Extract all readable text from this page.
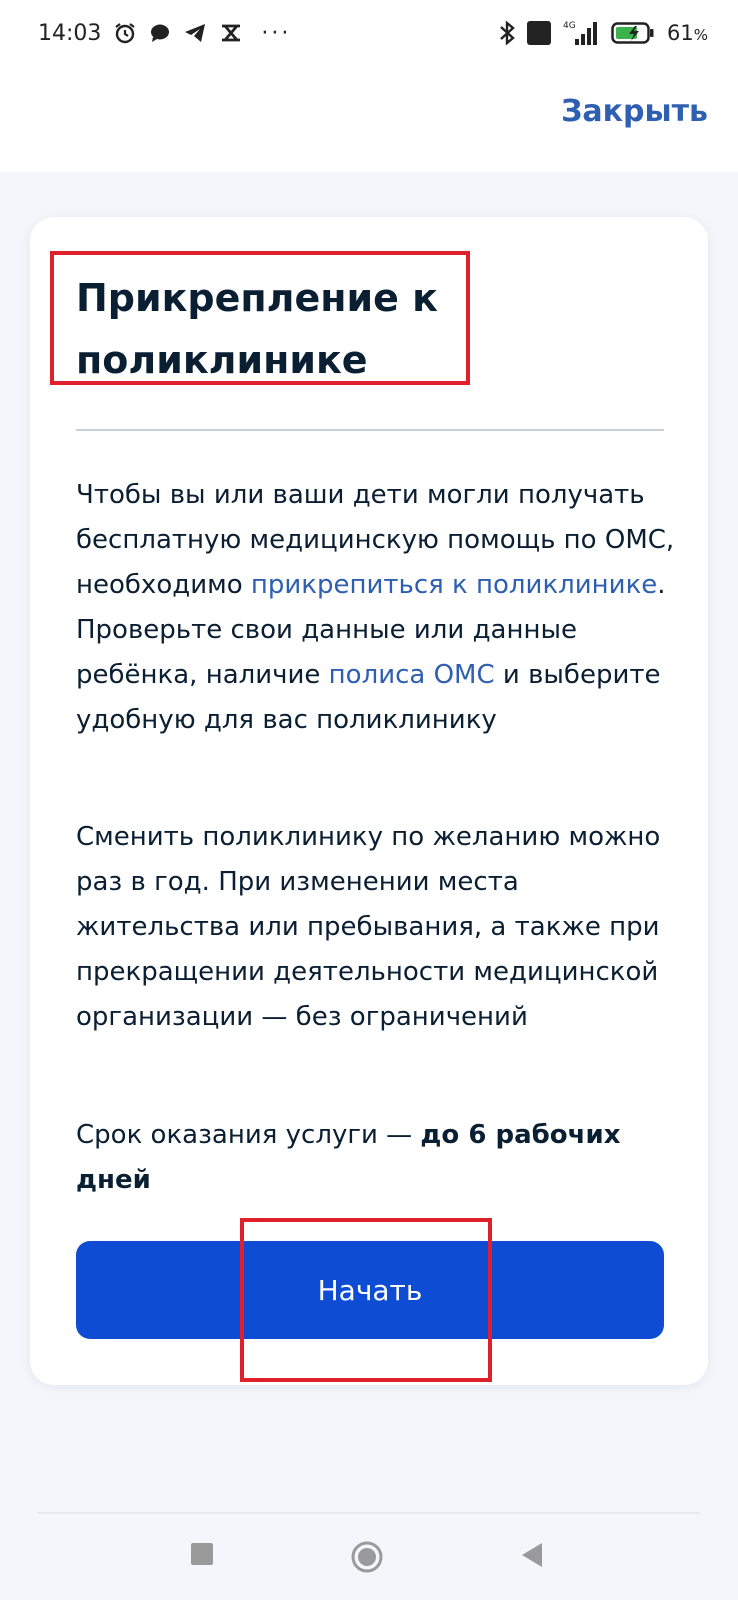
14:03	···	4G	61%
Закрыть
Прикрепление к поликлинике

Чтобы вы или ваши дети могли получать бесплатную медицинскую помощь по ОМС, необходимо прикрепиться к поликлинике. Проверьте свои данные или данные ребёнка, наличие полиса ОМС и выберите удобную для вас поликлинику

Сменить поликлинику по желанию можно раз в год. При изменении места жительства или пребывания, а также при прекращении деятельности медицинской организации — без ограничений

Срок оказания услуги — до 6 рабочих дней

Начать
